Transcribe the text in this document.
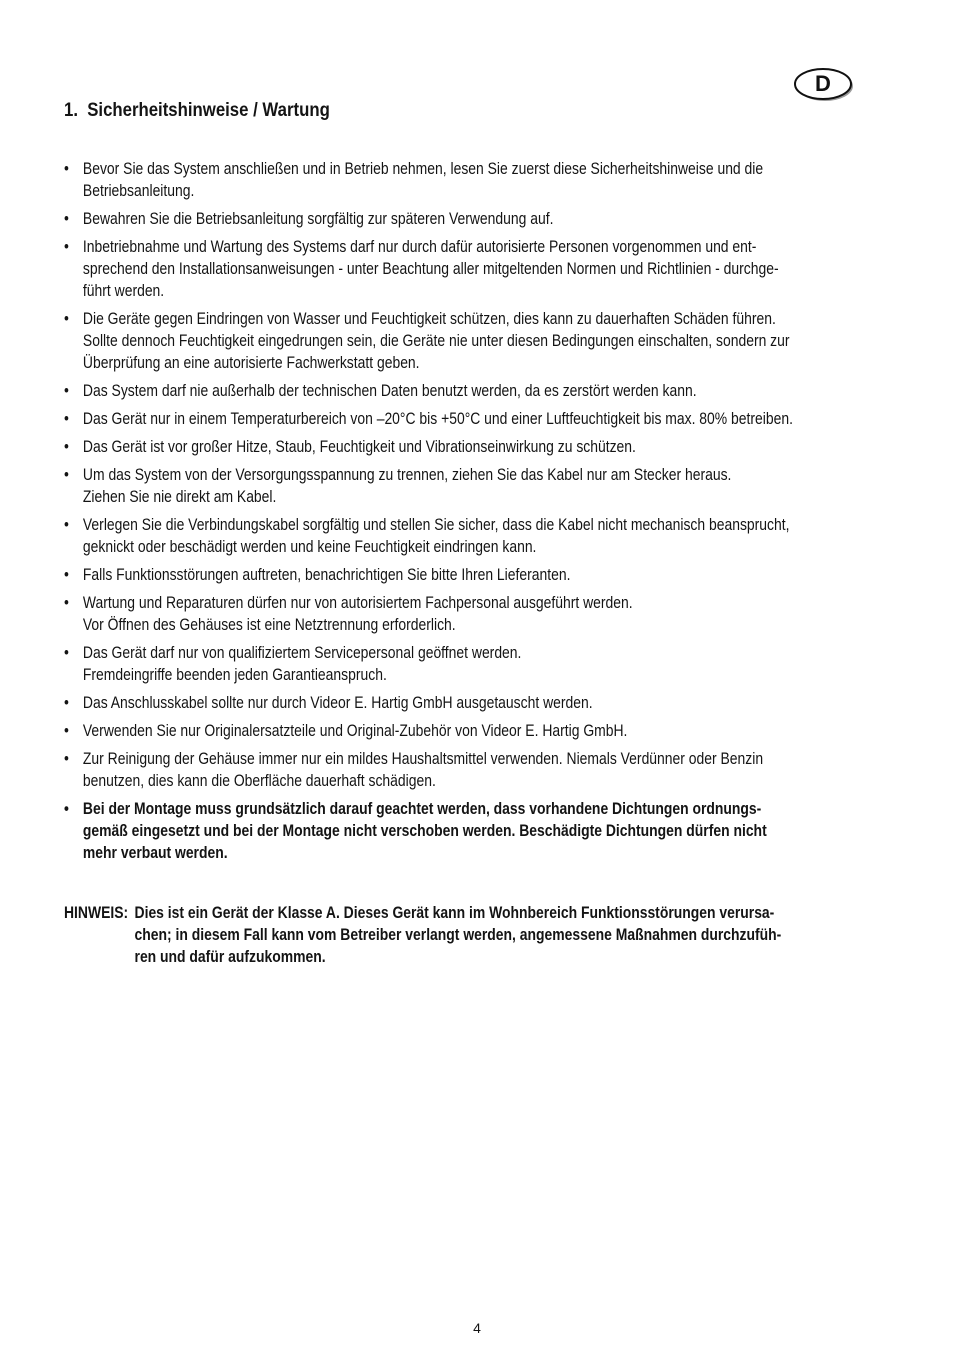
D
1. Sicherheitshinweise / Wartung
• Bevor Sie das System anschließen und in Betrieb nehmen, lesen Sie zuerst diese Sicherheitshinweise und die
Betriebsanleitung.
• Bewahren Sie die Betriebsanleitung sorgfältig zur späteren Verwendung auf.
• Inbetriebnahme und Wartung des Systems darf nur durch dafür autorisierte Personen vorgenommen und ent-
sprechend den Installationsanweisungen - unter Beachtung aller mitgeltenden Normen und Richtlinien - durchge-
führt werden.
• Die Geräte gegen Eindringen von Wasser und Feuchtigkeit schützen, dies kann zu dauerhaften Schäden führen.
Sollte dennoch Feuchtigkeit eingedrungen sein, die Geräte nie unter diesen Bedingungen einschalten, sondern zur
Überprüfung an eine autorisierte Fachwerkstatt geben.
• Das System darf nie außerhalb der technischen Daten benutzt werden, da es zerstört werden kann.
• Das Gerät nur in einem Temperaturbereich von –20°C bis +50°C und einer Luftfeuchtigkeit bis max. 80% betreiben.
• Das Gerät ist vor großer Hitze, Staub, Feuchtigkeit und Vibrationseinwirkung zu schützen.
• Um das System von der Versorgungsspannung zu trennen, ziehen Sie das Kabel nur am Stecker heraus.
Ziehen Sie nie direkt am Kabel.
• Verlegen Sie die Verbindungskabel sorgfältig und stellen Sie sicher, dass die Kabel nicht mechanisch beansprucht,
geknickt oder beschädigt werden und keine Feuchtigkeit eindringen kann.
• Falls Funktionsstörungen auftreten, benachrichtigen Sie bitte Ihren Lieferanten.
• Wartung und Reparaturen dürfen nur von autorisiertem Fachpersonal ausgeführt werden.
Vor Öffnen des Gehäuses ist eine Netztrennung erforderlich.
• Das Gerät darf nur von qualifiziertem Servicepersonal geöffnet werden.
Fremdeingriffe beenden jeden Garantieanspruch.
• Das Anschlusskabel sollte nur durch Videor E. Hartig GmbH ausgetauscht werden.
• Verwenden Sie nur Originalersatzteile und Original-Zubehör von Videor E. Hartig GmbH.
• Zur Reinigung der Gehäuse immer nur ein mildes Haushaltsmittel verwenden. Niemals Verdünner oder Benzin
benutzen, dies kann die Oberfläche dauerhaft schädigen.
• Bei der Montage muss grundsätzlich darauf geachtet werden, dass vorhandene Dichtungen ordnungs-
gemäß eingesetzt und bei der Montage nicht verschoben werden. Beschädigte Dichtungen dürfen nicht
mehr verbaut werden.
HINWEIS: Dies ist ein Gerät der Klasse A. Dieses Gerät kann im Wohnbereich Funktionsstörungen verursa-
chen; in diesem Fall kann vom Betreiber verlangt werden, angemessene Maßnahmen durchzufüh-
ren und dafür aufzukommen.
4
